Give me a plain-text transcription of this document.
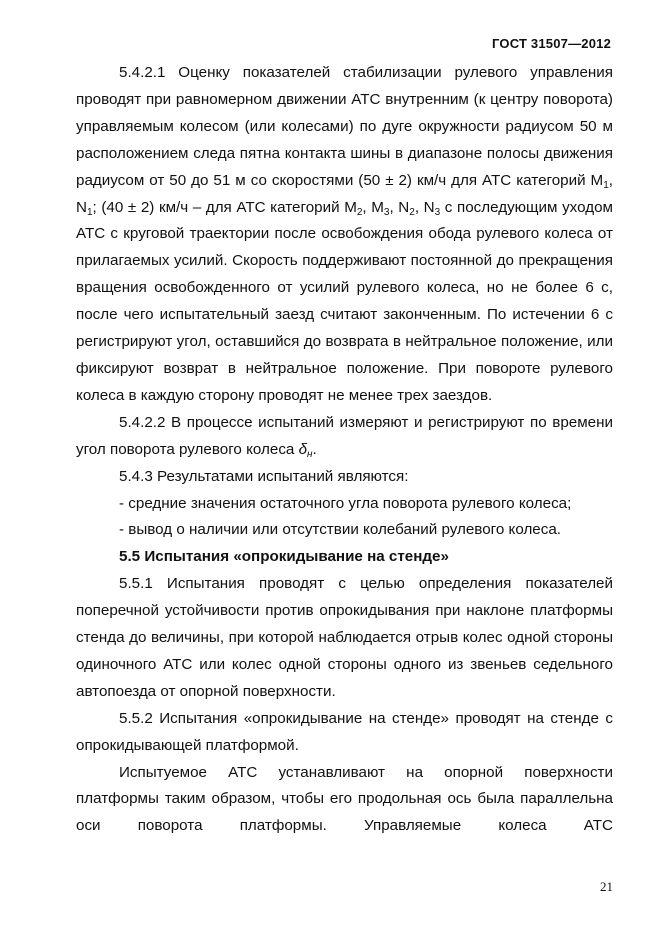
ГОСТ 31507—2012

5.4.2.1 Оценку показателей стабилизации рулевого управления проводят при равномерном движении АТС внутренним (к центру поворота) управляемым колесом (или колесами) по дуге окружности радиусом 50 м расположением следа пятна контакта шины в диапазоне полосы движения радиусом от 50 до 51 м со скоростями (50 ± 2) км/ч для АТС категорий $M_1$, $N_1$; (40 ± 2) км/ч – для АТС категорий $M_2$, $M_3$, $N_2$, $N_3$ с последующим уходом АТС с круговой траектории после освобождения обода рулевого колеса от прилагаемых усилий. Скорость поддерживают постоянной до прекращения вращения освобожденного от усилий рулевого колеса, но не более 6 с, после чего испытательный заезд считают законченным. По истечении 6 с регистрируют угол, оставшийся до возврата в нейтральное положение, или фиксируют возврат в нейтральное положение. При повороте рулевого колеса в каждую сторону проводят не менее трех заездов.

5.4.2.2 В процессе испытаний измеряют и регистрируют по времени угол поворота рулевого колеса $\delta_н$.

5.4.3 Результатами испытаний являются:

- средние значения остаточного угла поворота рулевого колеса;

- вывод о наличии или отсутствии колебаний рулевого колеса.

5.5 Испытания «опрокидывание на стенде»

5.5.1 Испытания проводят с целью определения показателей поперечной устойчивости против опрокидывания при наклоне платформы стенда до величины, при которой наблюдается отрыв колес одной стороны одиночного АТС или колес одной стороны одного из звеньев седельного автопоезда от опорной поверхности.

5.5.2 Испытания «опрокидывание на стенде» проводят на стенде с опрокидывающей платформой.

Испытуемое АТС устанавливают на опорной поверхности платформы таким образом, чтобы его продольная ось была параллельна оси поворота платформы. Управляемые колеса АТС

21
